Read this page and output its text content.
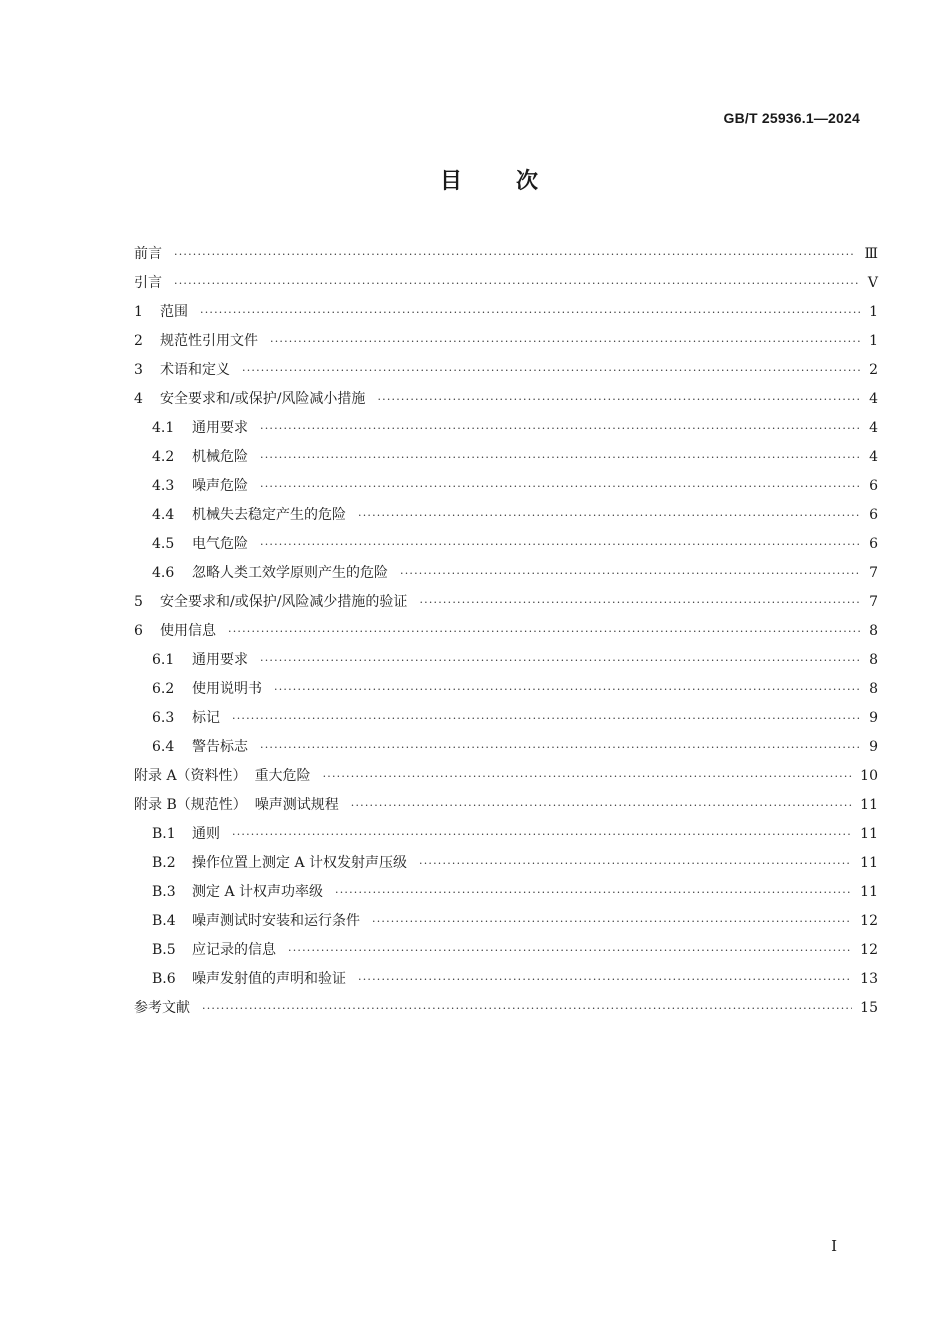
GB/T 25936.1—2024
目 次
前言 ·····	Ⅲ
引言 ·····	Ⅴ
1 范围 ·····	1
2 规范性引用文件 ·····	1
3 术语和定义 ·····	2
4 安全要求和/或保护/风险减小措施 ·····	4
4.1 通用要求 ·····	4
4.2 机械危险 ·····	4
4.3 噪声危险 ·····	6
4.4 机械失去稳定产生的危险 ·····	6
4.5 电气危险 ·····	6
4.6 忽略人类工效学原则产生的危险 ·····	7
5 安全要求和/或保护/风险减少措施的验证 ·····	7
6 使用信息 ·····	8
6.1 通用要求 ·····	8
6.2 使用说明书 ·····	8
6.3 标记 ·····	9
6.4 警告标志 ·····	9
附录 A（资料性） 重大危险 ·····	10
附录 B（规范性） 噪声测试规程 ·····	11
B.1 通则 ·····	11
B.2 操作位置上测定 A 计权发射声压级 ·····	11
B.3 测定 A 计权声功率级 ·····	11
B.4 噪声测试时安装和运行条件 ·····	12
B.5 应记录的信息 ·····	12
B.6 噪声发射值的声明和验证 ·····	13
参考文献 ·····	15
Ⅰ
